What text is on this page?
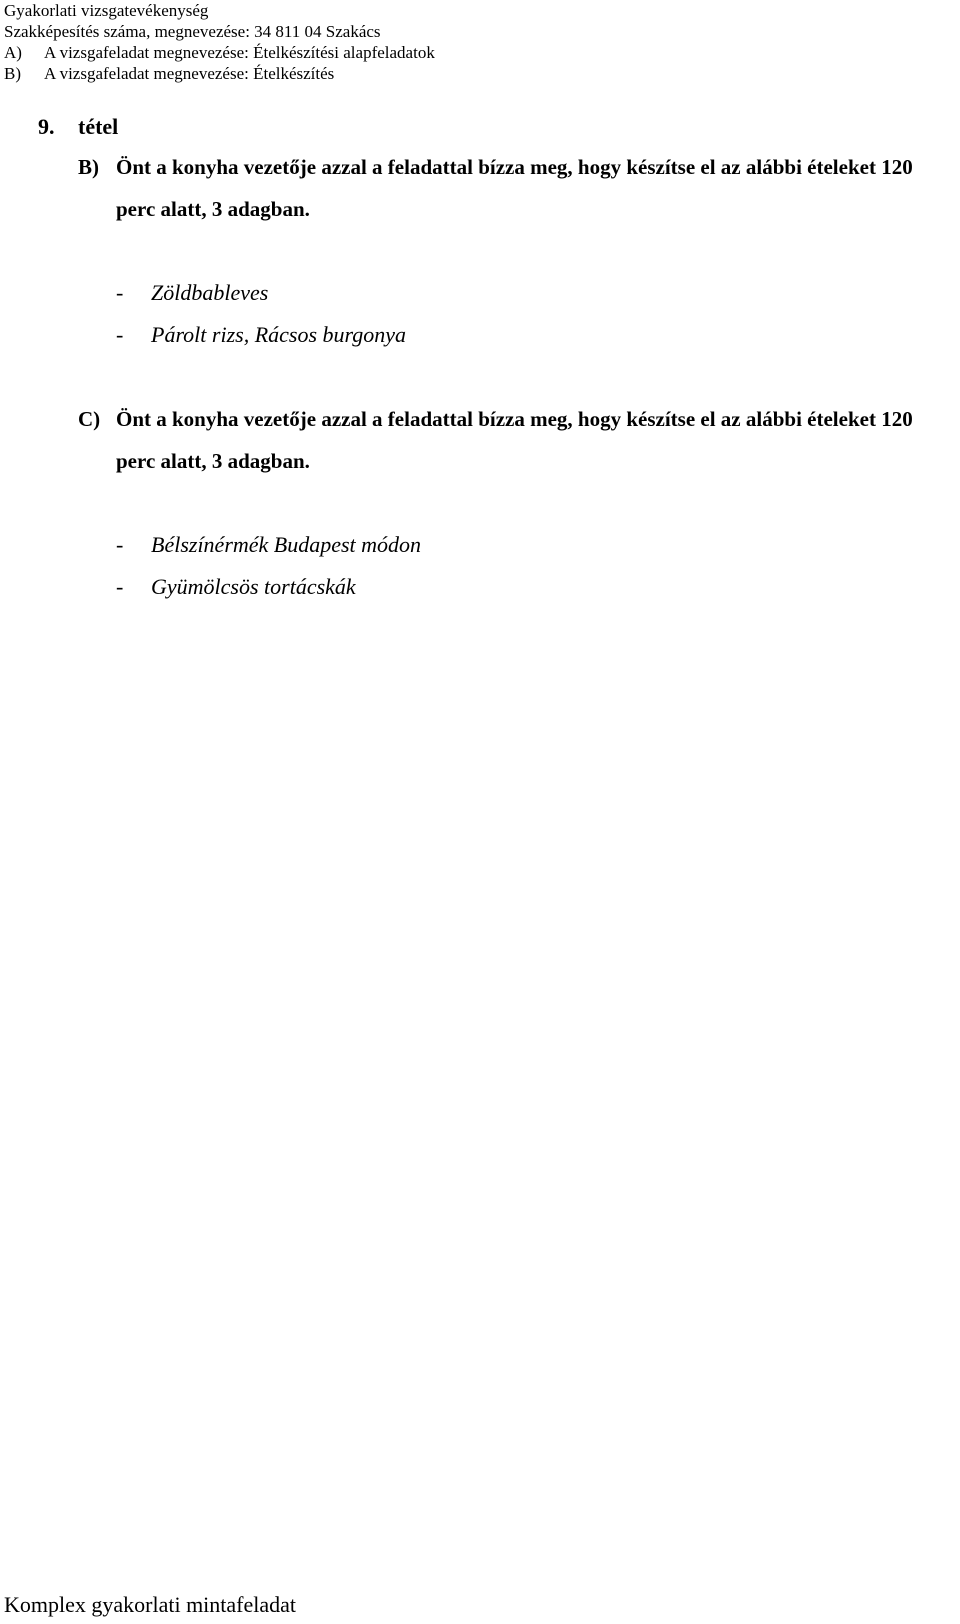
Gyakorlati vizsgatevékenység
Szakképesítés száma, megnevezése: 34 811 04 Szakács
A) A vizsgafeladat megnevezése: Ételkészítési alapfeladatok
B) A vizsgafeladat megnevezése: Ételkészítés
9. tétel
B) Önt a konyha vezetője azzal a feladattal bízza meg, hogy készítse el az alábbi ételeket 120 perc alatt, 3 adagban.
- Zöldbableves
- Párolt rizs, Rácsos burgonya
C) Önt a konyha vezetője azzal a feladattal bízza meg, hogy készítse el az alábbi ételeket 120 perc alatt, 3 adagban.
- Bélszínérmék Budapest módon
- Gyümölcsös tortácskák
Komplex gyakorlati mintafeladat
